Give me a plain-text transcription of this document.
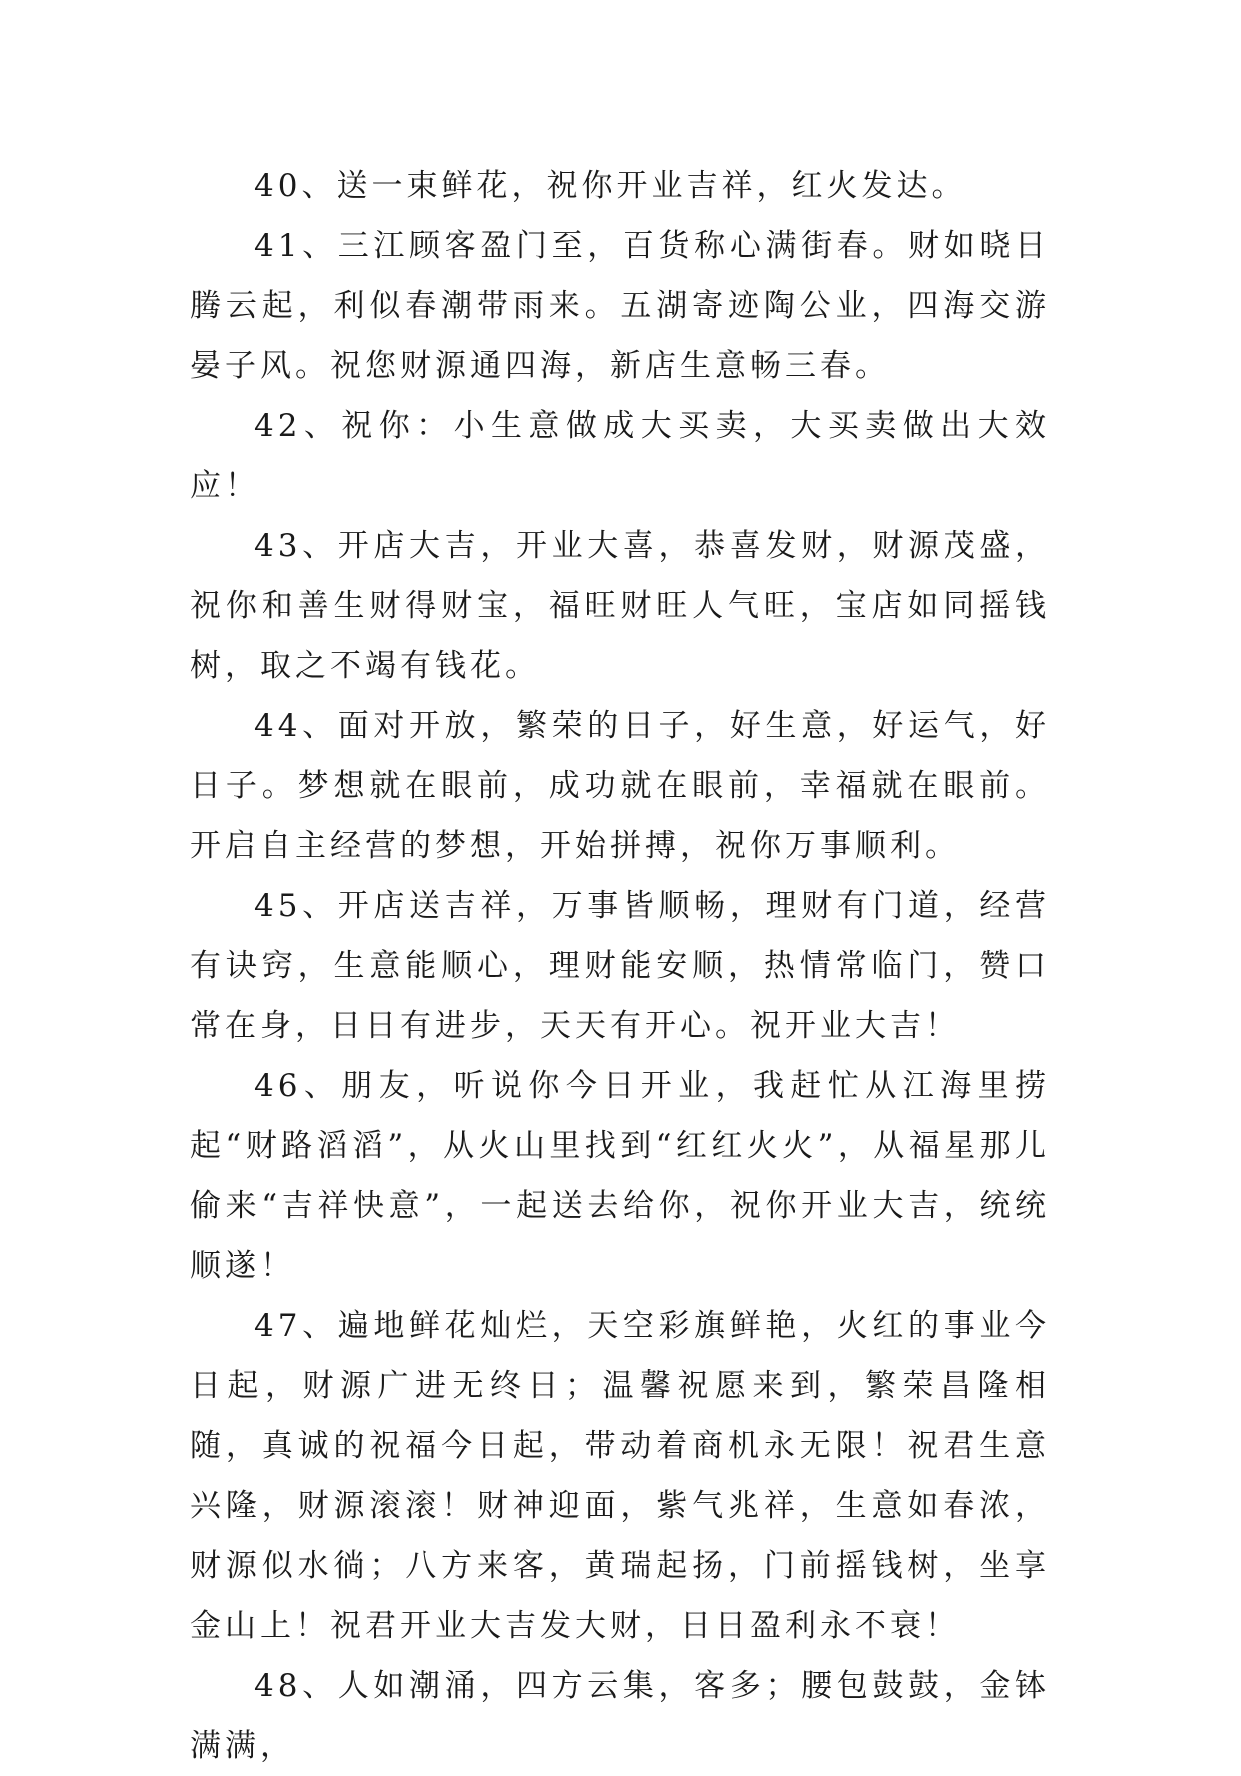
40、送一束鲜花，祝你开业吉祥，红火发达。

41、三江顾客盈门至，百货称心满街春。财如晓日腾云起，利似春潮带雨来。五湖寄迹陶公业，四海交游晏子风。祝您财源通四海，新店生意畅三春。

42、祝你：小生意做成大买卖，大买卖做出大效应！

43、开店大吉，开业大喜，恭喜发财，财源茂盛，祝你和善生财得财宝，福旺财旺人气旺，宝店如同摇钱树，取之不竭有钱花。

44、面对开放，繁荣的日子，好生意，好运气，好日子。梦想就在眼前，成功就在眼前，幸福就在眼前。开启自主经营的梦想，开始拼搏，祝你万事顺利。

45、开店送吉祥，万事皆顺畅，理财有门道，经营有诀窍，生意能顺心，理财能安顺，热情常临门，赞口常在身，日日有进步，天天有开心。祝开业大吉！

46、朋友，听说你今日开业，我赶忙从江海里捞起“财路滔滔”，从火山里找到“红红火火”，从福星那儿偷来“吉祥快意”，一起送去给你，祝你开业大吉，统统顺遂！

47、遍地鲜花灿烂，天空彩旗鲜艳，火红的事业今日起，财源广进无终日；温馨祝愿来到，繁荣昌隆相随，真诚的祝福今日起，带动着商机永无限！祝君生意兴隆，财源滚滚！财神迎面，紫气兆祥，生意如春浓，财源似水徜；八方来客，黄瑞起扬，门前摇钱树，坐享金山上！祝君开业大吉发大财，日日盈利永不衰！

48、人如潮涌，四方云集，客多；腰包鼓鼓，金钵满满，
